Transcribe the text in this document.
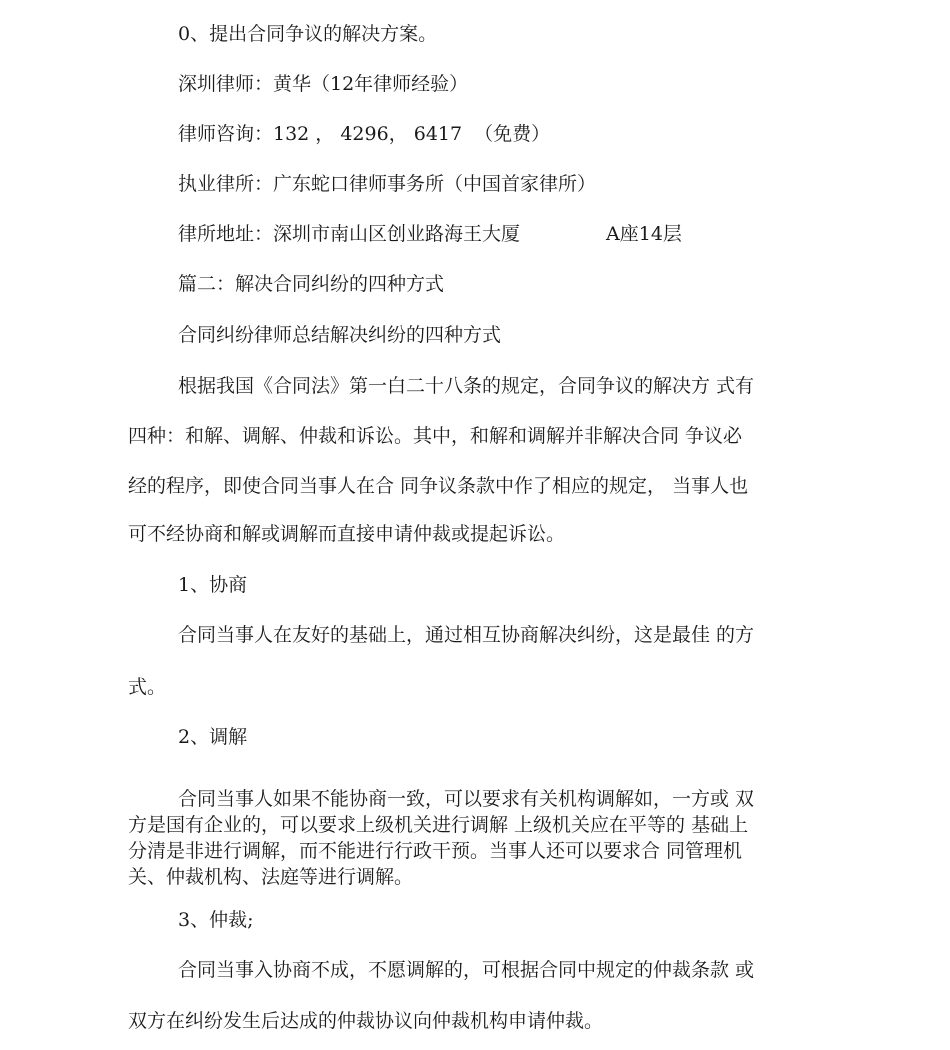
0、提出合同争议的解决方案。
深圳律师：黄华（12年律师经验）
律师咨询：132 ， 4296， 6417  （免费）
执业律所：广东蛇口律师事务所（中国首家律所）
律所地址：深圳市南山区创业路海王大厦	A座14层
篇二：解决合同纠纷的四种方式
合同纠纷律师总结解决纠纷的四种方式
根据我国《合同法》第一白二十八条的规定，合同争议的解决方 式有
四种：和解、调解、仲裁和诉讼。其中，和解和调解并非解决合同 争议必
经的程序，即使合同当事人在合 同争议条款中作了相应的规定， 当事人也
可不经协商和解或调解而直接申请仲裁或提起诉讼。
1、协商
合同当事人在友好的基础上，通过相互协商解决纠纷，这是最佳 的方
式。
2、调解
合同当事人如果不能协商一致，可以要求有关机构调解如，一方或 双
方是国有企业的，可以要求上级机关进行调解 上级机关应在平等的 基础上
分清是非进行调解，而不能进行行政干预。当事人还可以要求合 同管理机
关、仲裁机构、法庭等进行调解。
3、仲裁;
合同当事入协商不成，不愿调解的，可根据合同中规定的仲裁条款 或
双方在纠纷发生后达成的仲裁协议向仲裁机构申请仲裁。
